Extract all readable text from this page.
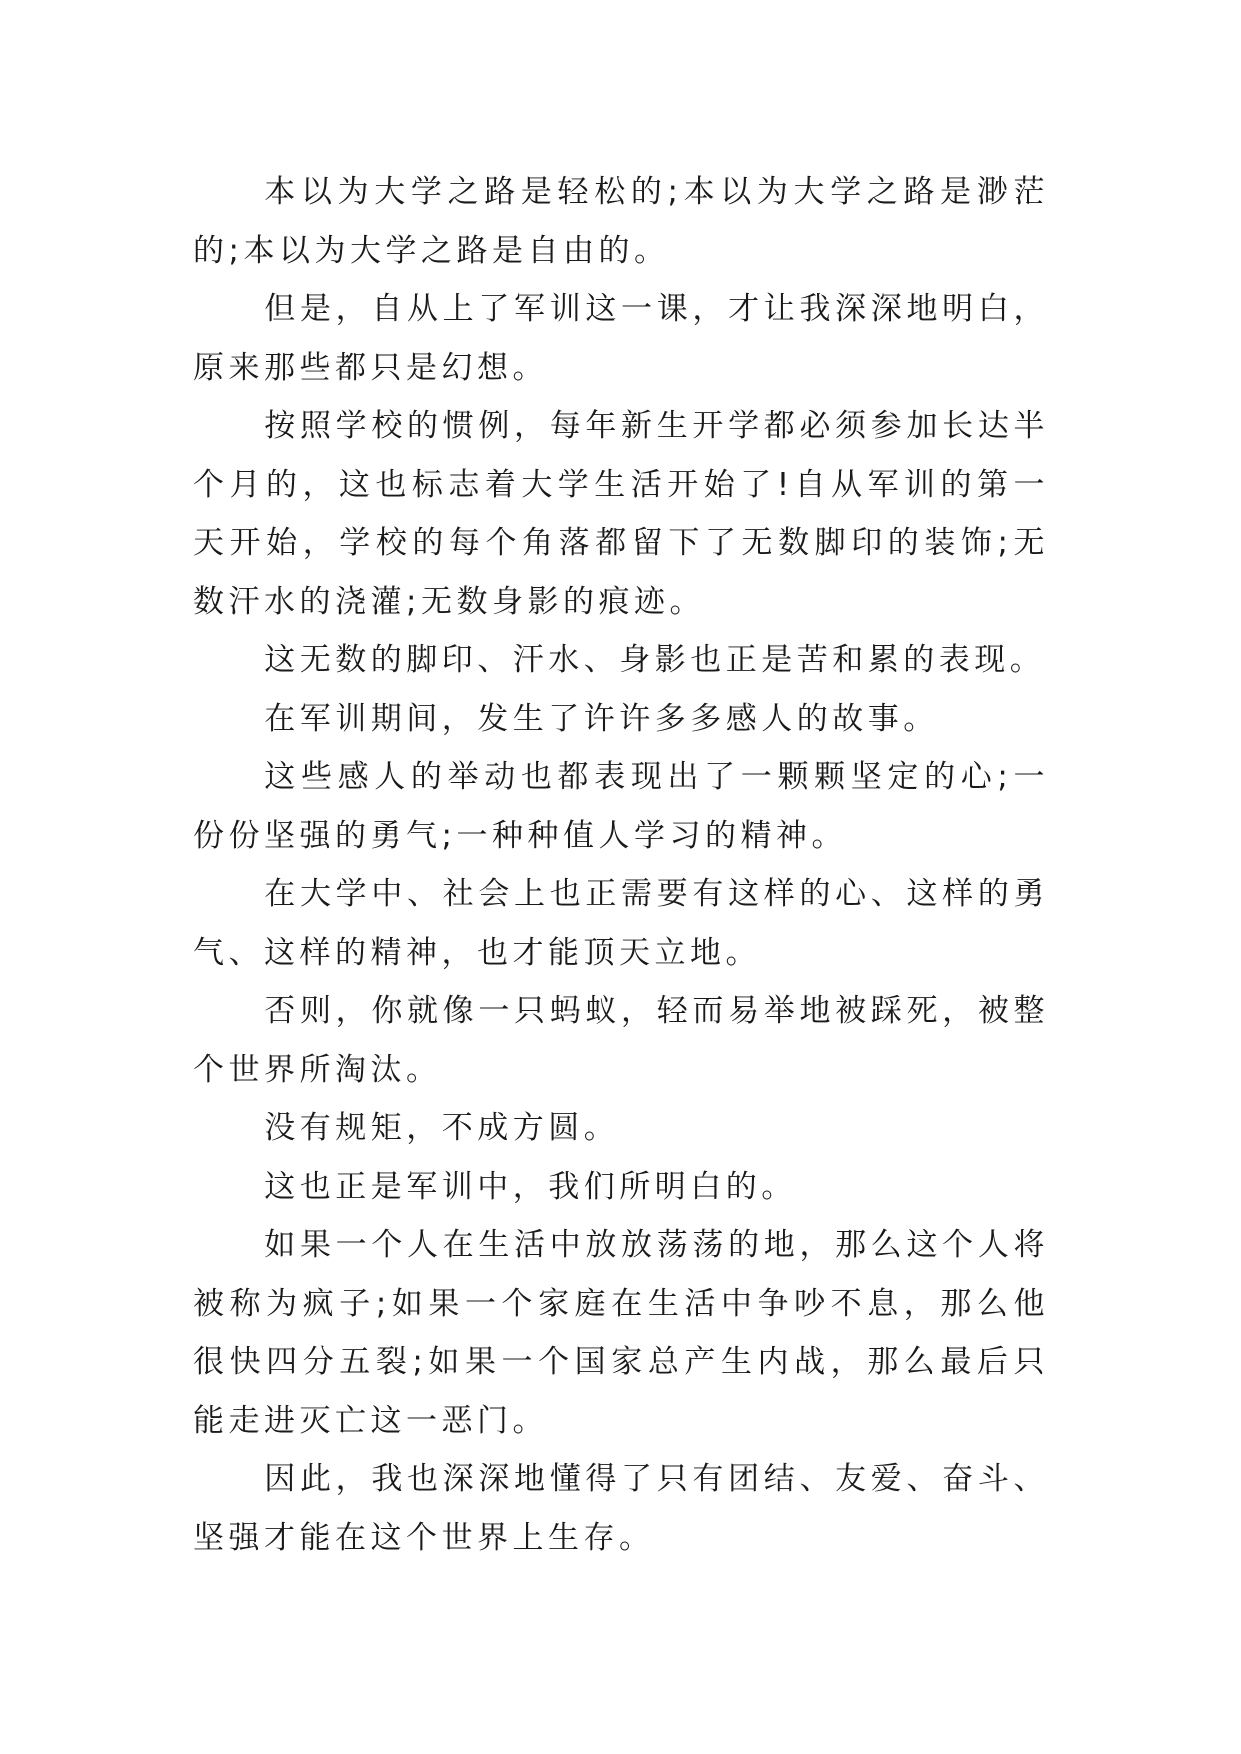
本以为大学之路是轻松的;本以为大学之路是渺茫的;本以为大学之路是自由的。

但是，自从上了军训这一课，才让我深深地明白，原来那些都只是幻想。

按照学校的惯例，每年新生开学都必须参加长达半个月的，这也标志着大学生活开始了!自从军训的第一天开始，学校的每个角落都留下了无数脚印的装饰;无数汗水的浇灌;无数身影的痕迹。

这无数的脚印、汗水、身影也正是苦和累的表现。

在军训期间，发生了许许多多感人的故事。

这些感人的举动也都表现出了一颗颗坚定的心;一份份坚强的勇气;一种种值人学习的精神。

在大学中、社会上也正需要有这样的心、这样的勇气、这样的精神，也才能顶天立地。

否则，你就像一只蚂蚁，轻而易举地被踩死，被整个世界所淘汰。

没有规矩，不成方圆。

这也正是军训中，我们所明白的。

如果一个人在生活中放放荡荡的地，那么这个人将被称为疯子;如果一个家庭在生活中争吵不息，那么他很快四分五裂;如果一个国家总产生内战，那么最后只能走进灭亡这一恶门。

因此，我也深深地懂得了只有团结、友爱、奋斗、坚强才能在这个世界上生存。
